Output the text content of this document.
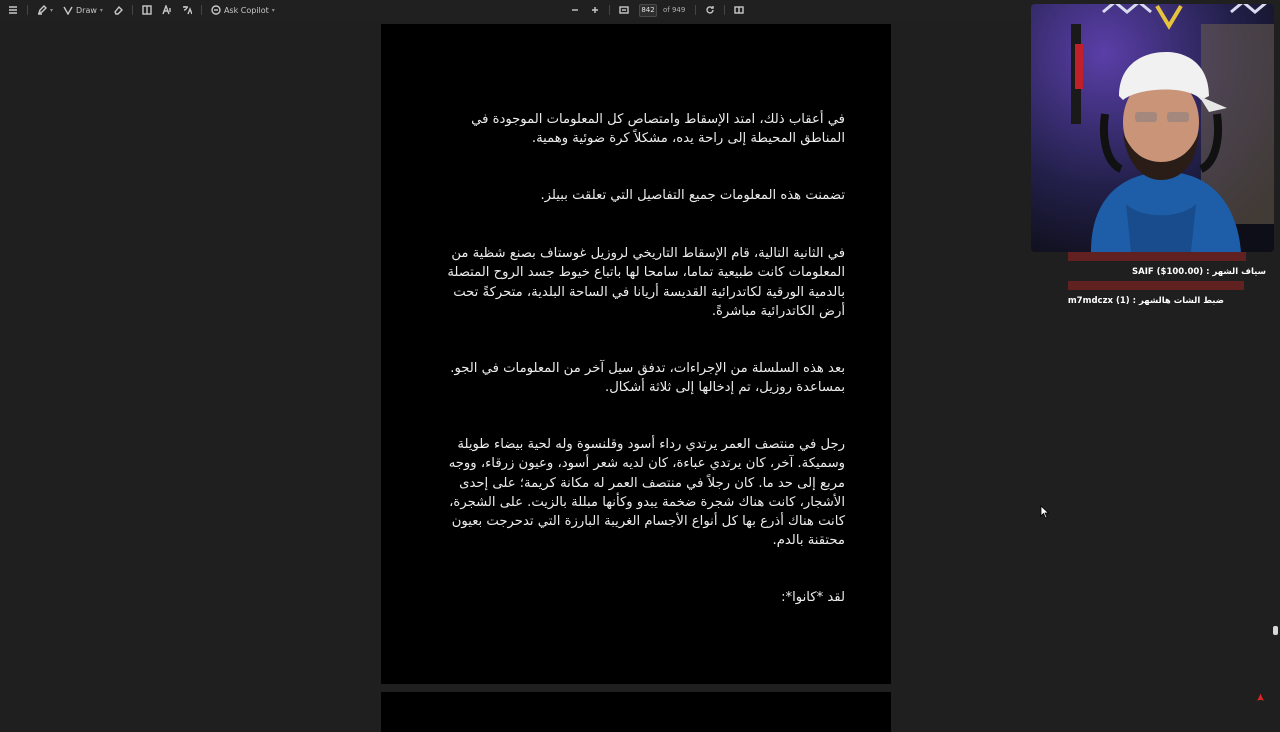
▾	Draw ▾	Ask Copilot ▾	842	of 949

في أعقاب ذلك، امتد الإسقاط وامتصاص كل المعلومات الموجودة في المناطق المحيطة إلى راحة يده، مشكلاً كرة ضوئية وهمية.

تضمنت هذه المعلومات جميع التفاصيل التي تعلقت ببيلز.

في الثانية التالية، قام الإسقاط التاريخي لروزيل غوستاف بصنع شظية من المعلومات كانت طبيعية تماما، سامحا لها باتباع خيوط جسد الروح المتصلة بالدمية الورقية لكاتدرائية القديسة أريانا في الساحة البلدية، متحركةً تحت أرض الكاتدرائية مباشرةً.

بعد هذه السلسلة من الإجراءات، تدفق سيل آخر من المعلومات في الجو. بمساعدة روزيل، تم إدخالها إلى ثلاثة أشكال.

رجل في منتصف العمر يرتدي رداء أسود وقلنسوة وله لحية بيضاء طويلة وسميكة. آخر، كان يرتدي عباءة، كان لديه شعر أسود، وعيون زرقاء، ووجه مربع إلى حد ما. كان رجلاً في منتصف العمر له مكانة كريمة؛ على إحدى الأشجار، كانت هناك شجرة ضخمة يبدو وكأنها مبللة بالزيت. على الشجرة، كانت هناك أذرع بها كل أنواع الأجسام الغريبة البارزة التي تدحرجت بعيون محتقنة بالدم.

لقد *كانوا*:

SAIF ($100.00) : سياف الشهر
m7mdczx (1) : ضبط الشات هالشهر
